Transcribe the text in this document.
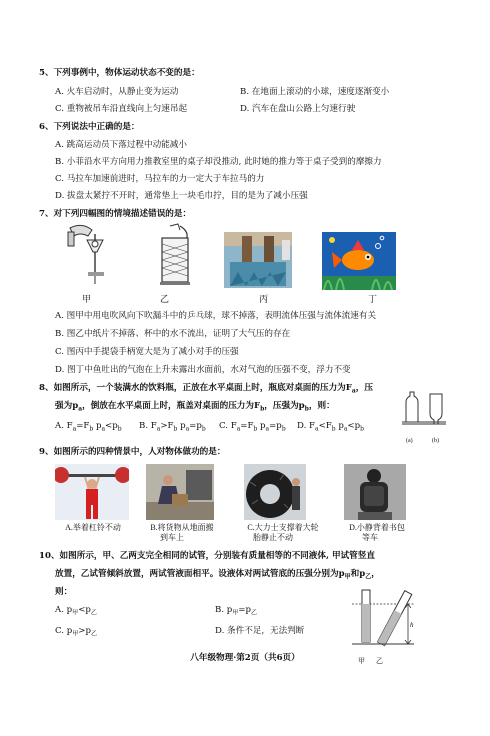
5、下列事例中，物体运动状态不变的是：
A. 火车启动时，从静止变为运动	B. 在地面上滚动的小球，速度逐渐变小
C. 重物被吊车沿直线向上匀速吊起	D. 汽车在盘山公路上匀速行驶
6、下列说法中正确的是：
A. 跳高运动员下落过程中动能减小
B. 小菲沿水平方向用力推教室里的桌子却没推动, 此时她的推力等于桌子受到的摩擦力
C. 马拉车加速前进时，马拉车的力一定大于车拉马的力
D. 拔盘太紧拧不开时，通常垫上一块毛巾拧，目的是为了减小压强
7、对下列四幅图的情境描述错误的是：
甲	乙	丙	丁
A. 图甲中用电吹风向下吹漏斗中的乒乓球，球不掉落，表明流体压强与流体流速有关
B. 图乙中纸片不掉落、杯中的水不流出，证明了大气压的存在
C. 图丙中手提袋手柄宽大是为了减小对手的压强
D. 图丁中鱼吐出的气泡在上升未露出水面前，水对气泡的压强不变，浮力不变
8、如图所示，一个装满水的饮料瓶，正放在水平桌面上时，瓶底对桌面的压力为$F_a$，压
强为$p_a$，倒放在水平桌面上时，瓶盖对桌面的压力为$F_b$，压强为$p_b$，则：
A. $F_a=F_b$ $p_a<p_b$ B. $F_a>F_b$ $p_a=p_b$ C. $F_a=F_b$ $p_a=p_b$ D. $F_a<F_b$ $p_a<p_b$
(a)	(b)
9、如图所示的四种情景中，人对物体做功的是：
A.举着杠铃不动	B.将货物从地面搬
到车上
C.大力士支撑着大轮
胎静止不动
D.小静背着书包
等车
10、如图所示，甲、乙两支完全相同的试管，分别装有质量相等的不同液体, 甲试管竖直
放置，乙试管倾斜放置，两试管液面相平。设液体对两试管底的压强分别为$p_甲$和$p_乙$，
则：
A. $p_甲<p_乙$	B. $p_甲=p_乙$
C. $p_甲>p_乙$	D. 条件不足，无法判断
h
甲 乙
八年级物理·第2页（共6页）
